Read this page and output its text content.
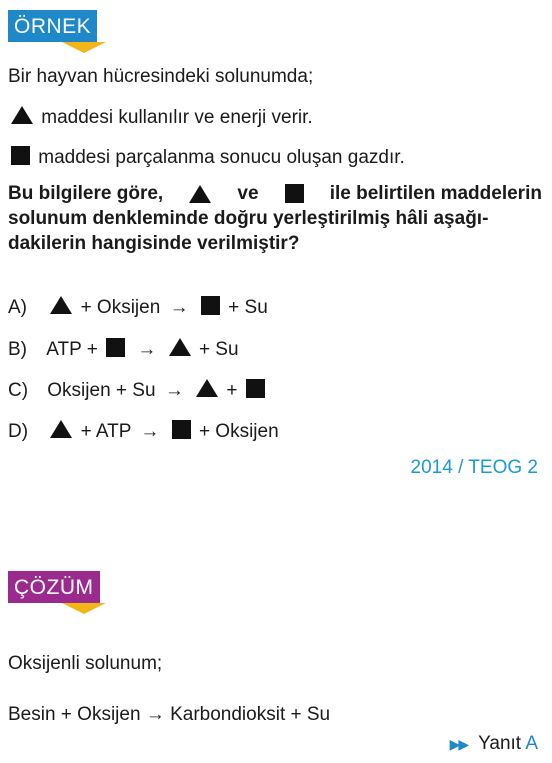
ÖRNEK
Bir hayvan hücresindeki solunumda;
maddesi kullanılır ve enerji verir.
maddesi parçalanma sonucu oluşan gazdır.
Bu bilgilere göre,	ve	ile belirtilen maddelerin
solunum denkleminde doğru yerleştirilmiş hâli aşağı-
dakilerin hangisinde verilmiştir?
A)	+ Oksijen → + Su
B) ATP + → + Su
C) Oksijen + Su → +
D)	+ ATP → + Oksijen
2014 / TEOG 2
ÇÖZÜM
Oksijenli solunum;
Besin + Oksijen → Karbondioksit + Su
▶▶ Yanıt A
